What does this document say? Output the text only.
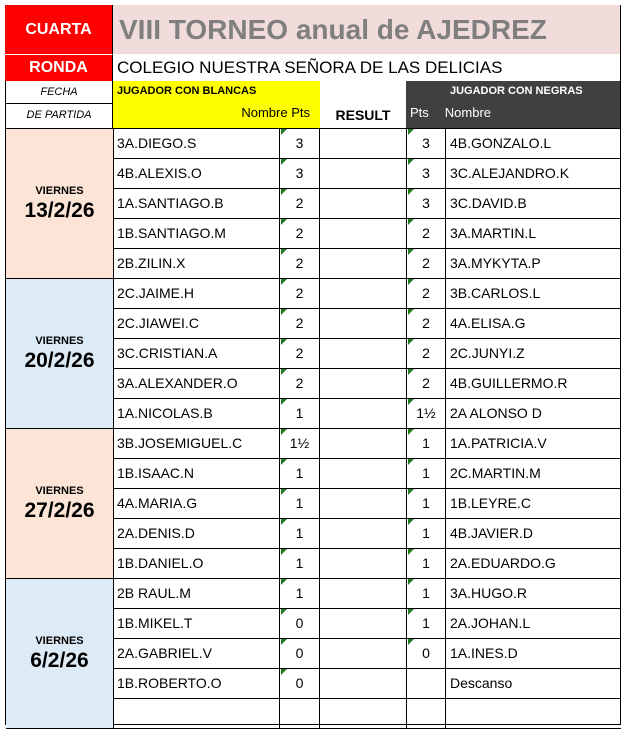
CUARTA
RONDA
VIII TORNEO anual de AJEDREZ
COLEGIO NUESTRA SEÑORA DE LAS DELICIAS
FECHA
DE PARTIDA
JUGADOR CON BLANCAS
Nombre Pts	RESULT
JUGADOR CON NEGRAS
Pts Nombre
VIERNES
13/2/26
3A.DIEGO.S	3	3	4B.GONZALO.L
4B.ALEXIS.O	3	3	3C.ALEJANDRO.K
1A.SANTIAGO.B	2	3	3C.DAVID.B
1B.SANTIAGO.M	2	2	3A.MARTIN.L
2B.ZILIN.X	2	2	3A.MYKYTA.P
VIERNES
20/2/26
2C.JAIME.H	2	2	3B.CARLOS.L
2C.JIAWEI.C	2	2	4A.ELISA.G
3C.CRISTIAN.A	2	2	2C.JUNYI.Z
3A.ALEXANDER.O	2	2	4B.GUILLERMO.R
1A.NICOLAS.B	1	1½	2A ALONSO D
VIERNES
27/2/26
3B.JOSEMIGUEL.C	1½	1	1A.PATRICIA.V
1B.ISAAC.N	1	1	2C.MARTIN.M
4A.MARIA.G	1	1	1B.LEYRE.C
2A.DENIS.D	1	1	4B.JAVIER.D
1B.DANIEL.O	1	1	2A.EDUARDO.G
VIERNES
6/2/26
2B RAUL.M	1	1	3A.HUGO.R
1B.MIKEL.T	0	1	2A.JOHAN.L
2A.GABRIEL.V	0	0	1A.INES.D
1B.ROBERTO.O	0	Descanso
